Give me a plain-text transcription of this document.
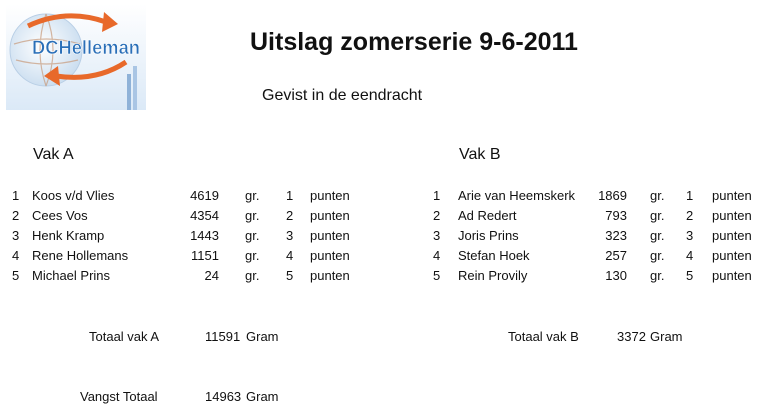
DCHelleman	Uitslag zomerserie 9-6-2011
Gevist in de eendracht
Vak A	Vak B
1 Koos v/d Vlies	4619 gr. 1 punten
2 Cees Vos	4354 gr. 2 punten
3 Henk Kramp	1443 gr. 3 punten
4 Rene Hollemans	1151 gr. 4 punten
5 Michael Prins	24 gr. 5 punten
1 Arie van Heemskerk	1869 gr. 1 punten
2 Ad Redert	793 gr. 2 punten
3 Joris Prins	323 gr. 3 punten
4 Stefan Hoek	257 gr. 4 punten
5 Rein Provily	130 gr. 5 punten
Totaal vak A	11591 Gram	Totaal vak B	3372 Gram
Vangst Totaal	14963 Gram
